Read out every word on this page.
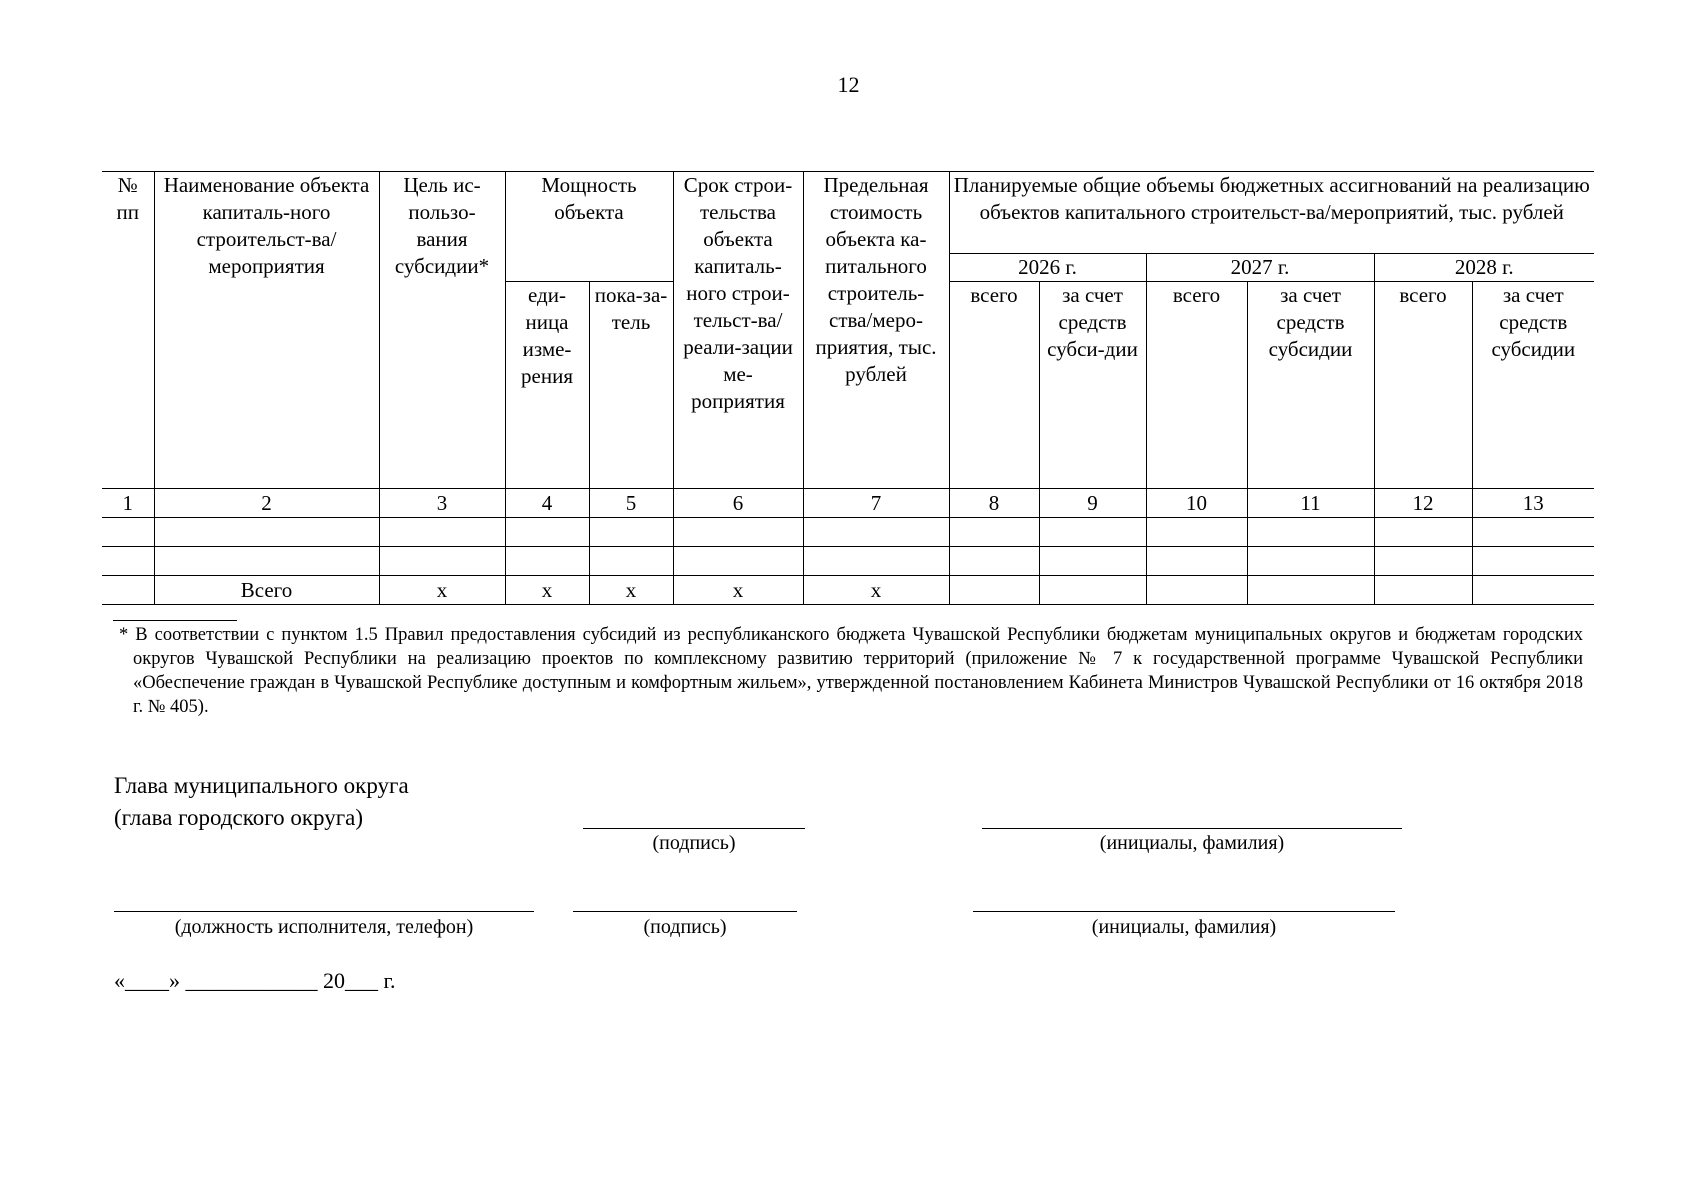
12
№ пп	Наименование объекта капиталь-ного строительст-ва/мероприятия	Цель ис-пользо-вания субсидии*	Мощность объекта		Срок строи-тельства объекта капиталь-ного строи-тельст-ва/реали-зации ме-роприятия	Предельная стоимость объекта ка-питального строитель-ства/меро-приятия, тыс. рублей	Планируемые общие объемы бюджетных ассигнований на реализацию объектов капитального строительст-ва/мероприятий, тыс. рублей					
							2026 г.		2027 г.		2028 г.	
			еди-ница изме-рения	пока-за-тель			всего	за счет средств субси-дии	всего	за счет средств субсидии	всего	за счет средств субсидии

1	2	3	4	5	6	7	8	9	10	11	12	13

	Всего	х	х	х	х	х						
* В соответствии с пунктом 1.5 Правил предоставления субсидий из республиканского бюджета Чувашской Республики бюджетам муниципальных округов и бюджетам городских округов Чувашской Республики на реализацию проектов по комплексному развитию территорий (приложение № 7 к государственной программе Чувашской Республики «Обеспечение граждан в Чувашской Республике доступным и комфортным жильем», утвержденной постановлением Кабинета Министров Чувашской Республики от 16 октября 2018 г. № 405).
Глава муниципального округа
(глава городского округа)
(подпись)	(инициалы, фамилия)
(должность исполнителя, телефон)	(подпись)	(инициалы, фамилия)
«____» ____________ 20___ г.
